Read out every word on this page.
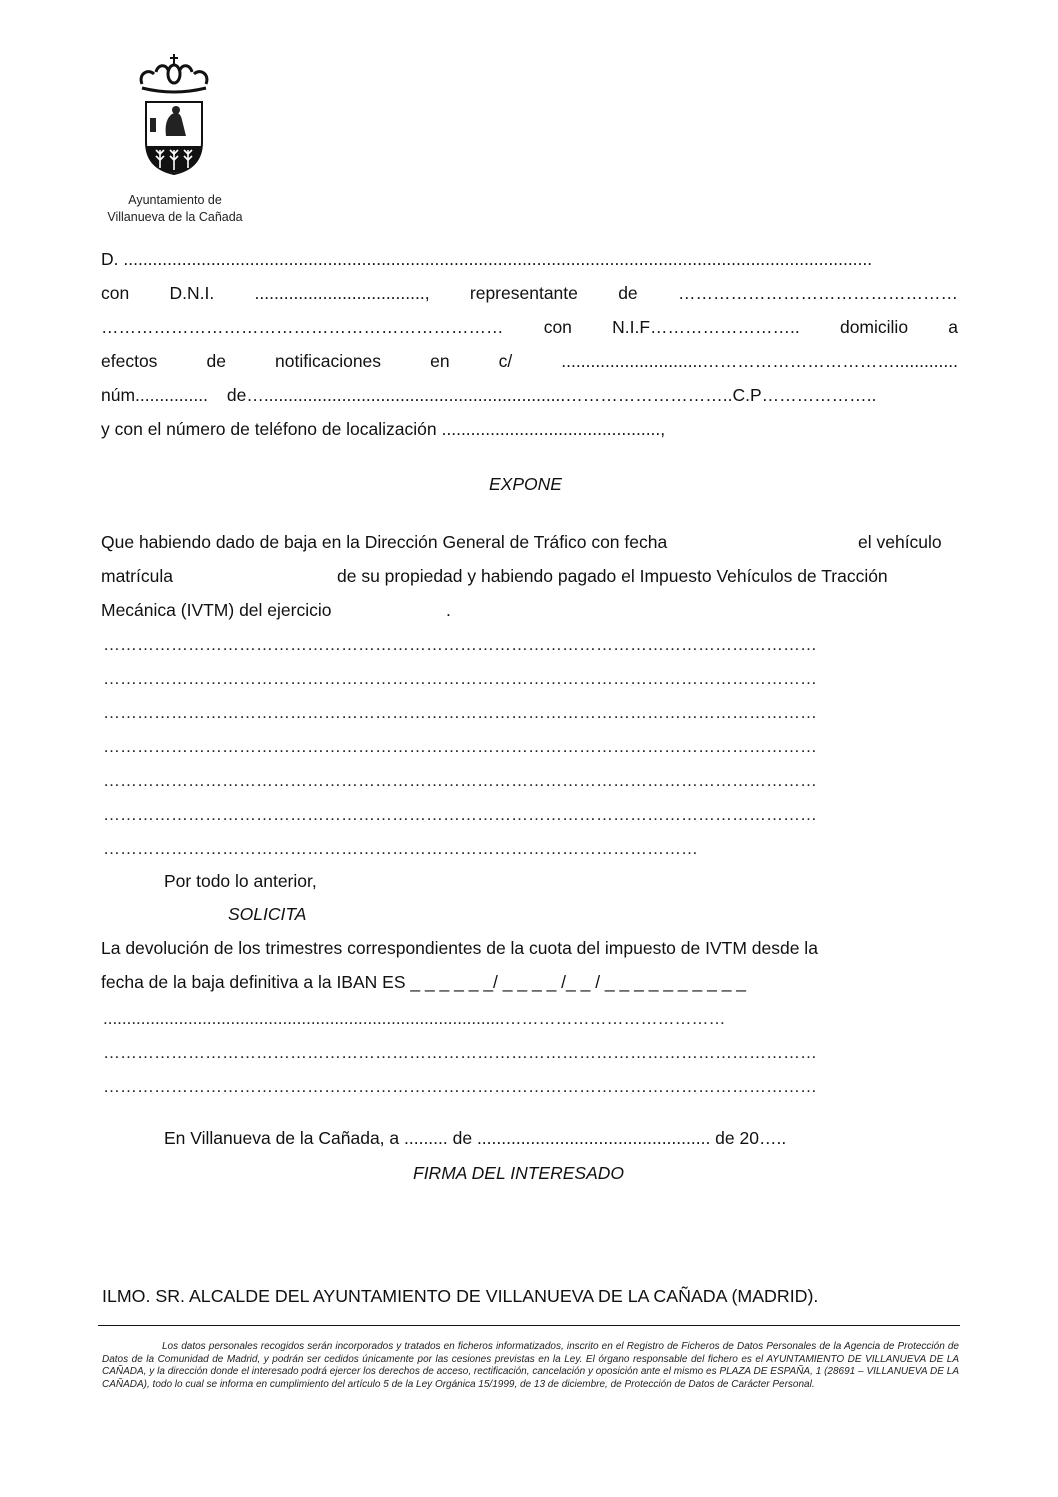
Ayuntamiento de
Villanueva de la Cañada
D. ..........................................................................................................................................................
con D.N.I. ..................................., representante de …………………………………………
…………………………………………………………… con N.I.F…………………….. domicilio a
efectos	de	notificaciones	en	c/	.............................…………………………….............
núm............... de…..............................................................………………………..C.P………………..
y con el número de teléfono de localización .............................................,
EXPONE
Que habiendo dado de baja en la Dirección General de Tráfico con fecha	el vehículo
matrícula	de su propiedad y habiendo pagado el Impuesto Vehículos de Tracción
Mecánica (IVTM) del ejercicio	.
………………………………………………………………………………………………………………
………………………………………………………………………………………………………………
………………………………………………………………………………………………………………
………………………………………………………………………………………………………………
………………………………………………………………………………………………………………
………………………………………………………………………………………………………………
……………………………………………………………………………………………
Por todo lo anterior,
SOLICITA
La devolución de los trimestres correspondientes de la cuota del impuesto de IVTM desde la
fecha de la baja definitiva a la IBAN ES _ _ _ _ _ _/ _ _ _ _ /_ _ / _ _ _ _ _ _ _ _ _ _
.....................................................................................…………………………………
………………………………………………………………………………………………………………
………………………………………………………………………………………………………………
En Villanueva de la Cañada, a ......... de ................................................ de 20…..
FIRMA DEL INTERESADO
ILMO. SR. ALCALDE DEL AYUNTAMIENTO DE VILLANUEVA DE LA CAÑADA (MADRID).
Los datos personales recogidos serán incorporados y tratados en ficheros informatizados, inscrito en el Registro de Ficheros de Datos Personales de la Agencia de Protección de Datos de la Comunidad de Madrid, y podrán ser cedidos únicamente por las cesiones previstas en la Ley. El órgano responsable del fichero es el AYUNTAMIENTO DE VILLANUEVA DE LA CAÑADA, y la dirección donde el interesado podrá ejercer los derechos de acceso, rectificación, cancelación y oposición ante el mismo es PLAZA DE ESPAÑA, 1 (28691 – VILLANUEVA DE LA CAÑADA), todo lo cual se informa en cumplimiento del artículo 5 de la Ley Orgánica 15/1999, de 13 de diciembre, de Protección de Datos de Carácter Personal.
